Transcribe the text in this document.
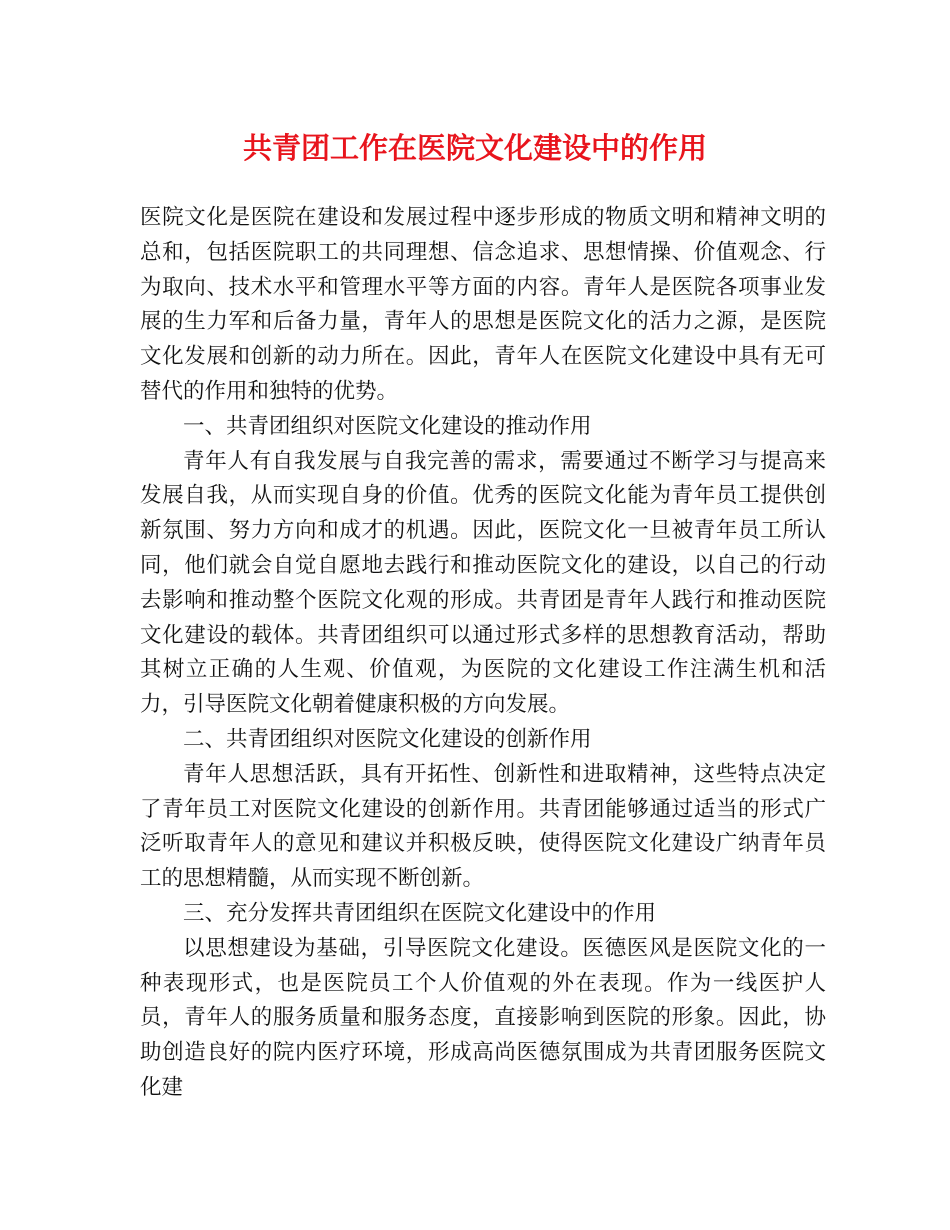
共青团工作在医院文化建设中的作用

医院文化是医院在建设和发展过程中逐步形成的物质文明和精神文明的总和，包括医院职工的共同理想、信念追求、思想情操、价值观念、行为取向、技术水平和管理水平等方面的内容。青年人是医院各项事业发展的生力军和后备力量，青年人的思想是医院文化的活力之源，是医院文化发展和创新的动力所在。因此，青年人在医院文化建设中具有无可替代的作用和独特的优势。

一、共青团组织对医院文化建设的推动作用

青年人有自我发展与自我完善的需求，需要通过不断学习与提高来发展自我，从而实现自身的价值。优秀的医院文化能为青年员工提供创新氛围、努力方向和成才的机遇。因此，医院文化一旦被青年员工所认同，他们就会自觉自愿地去践行和推动医院文化的建设，以自己的行动去影响和推动整个医院文化观的形成。共青团是青年人践行和推动医院文化建设的载体。共青团组织可以通过形式多样的思想教育活动，帮助其树立正确的人生观、价值观，为医院的文化建设工作注满生机和活力，引导医院文化朝着健康积极的方向发展。

二、共青团组织对医院文化建设的创新作用

青年人思想活跃，具有开拓性、创新性和进取精神，这些特点决定了青年员工对医院文化建设的创新作用。共青团能够通过适当的形式广泛听取青年人的意见和建议并积极反映，使得医院文化建设广纳青年员工的思想精髓，从而实现不断创新。

三、充分发挥共青团组织在医院文化建设中的作用

以思想建设为基础，引导医院文化建设。医德医风是医院文化的一种表现形式，也是医院员工个人价值观的外在表现。作为一线医护人员，青年人的服务质量和服务态度，直接影响到医院的形象。因此，协助创造良好的院内医疗环境，形成高尚医德氛围成为共青团服务医院文化建
